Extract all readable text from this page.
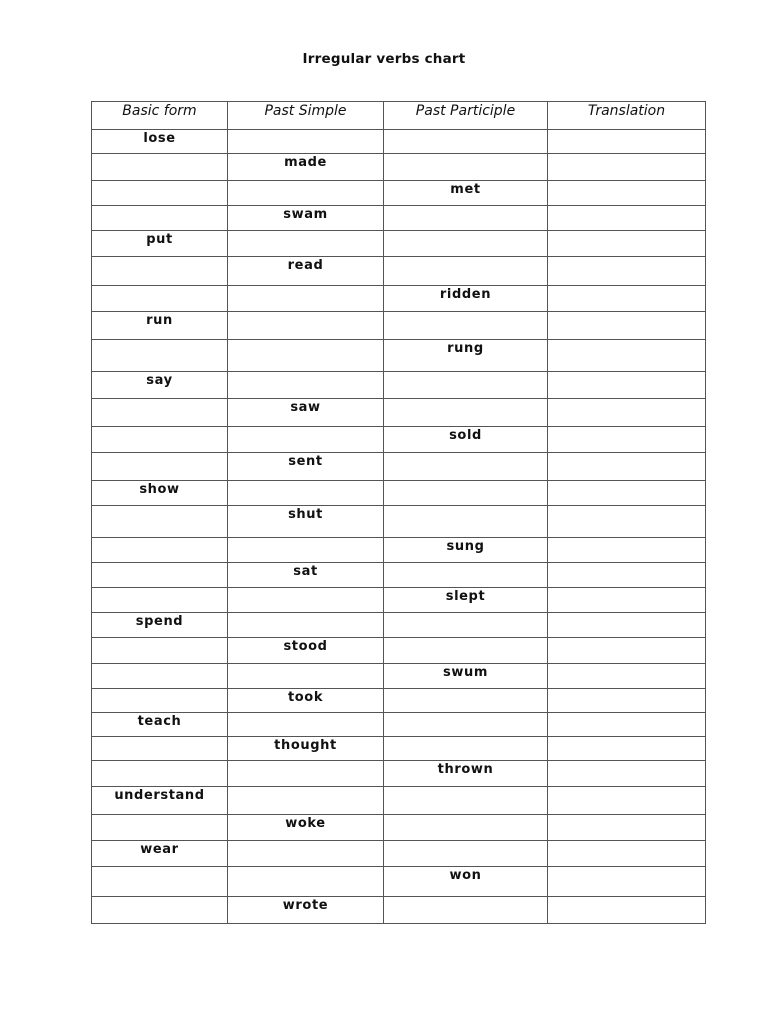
Irregular verbs chart
Basic form	Past Simple	Past Participle	Translation
lose			
	made		
		met	
	swam		
put			
	read		
		ridden	
run			
		rung	
say			
	saw		
		sold	
	sent		
show			
	shut		
		sung	
	sat		
		slept	
spend			
	stood		
		swum	
	took		
teach			
	thought		
		thrown	
understand			
	woke		
wear			
		won	
	wrote		
